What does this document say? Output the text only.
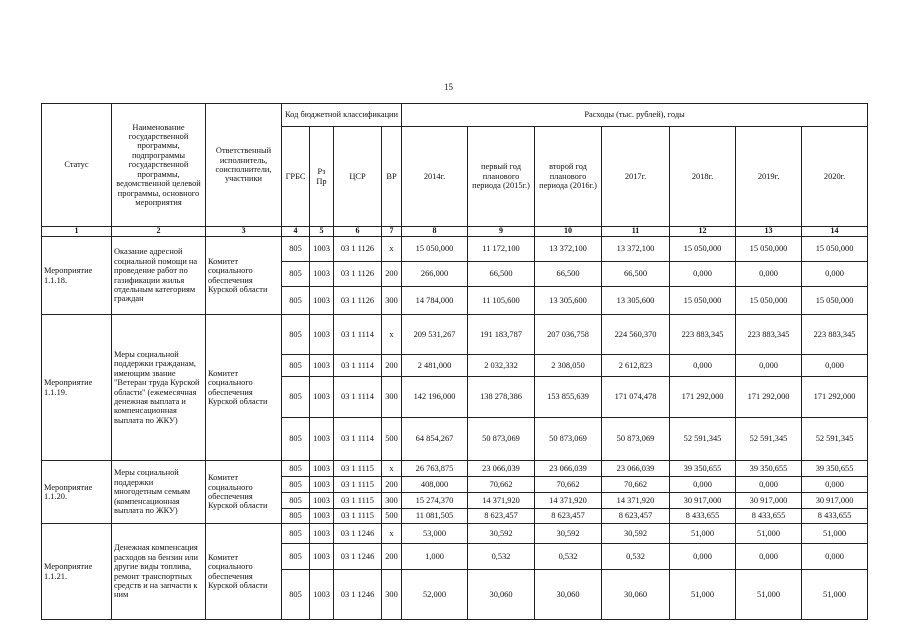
15
Статус	Наименование государственной программы, подпрограммы государственной программы, ведомственной целевой программы, основного мероприятия	Ответственный исполнитель, соисполнители, участники	Код бюджетной классификации				Расходы (тыс. рублей), годы						
			ГРБС	Рз Пр	ЦСР	ВР	2014г.	первый год планового периода (2015г.)	второй год планового периода (2016г.)	2017г.	2018г.	2019г.	2020г.
1	2	3	4	5	6	7	8	9	10	11	12	13	14
Мероприятие 1.1.18.	Оказание адресной социальной помощи на проведение работ по газификации жилья отдельным категориям граждан	Комитет социального обеспечения Курской области	805	1003	03 1 1126	x	15 050,000	11 172,100	13 372,100	13 372,100	15 050,000	15 050,000	15 050,000
			805	1003	03 1 1126	200	266,000	66,500	66,500	66,500	0,000	0,000	0,000
			805	1003	03 1 1126	300	14 784,000	11 105,600	13 305,600	13 305,600	15 050,000	15 050,000	15 050,000
Мероприятие 1.1.19.	Меры социальной поддержки гражданам, имеющим звание "Ветеран труда Курской области" (ежемесячная денежная выплата и компенсационная выплата по ЖКУ)	Комитет социального обеспечения Курской области	805	1003	03 1 1114	x	209 531,267	191 183,787	207 036,758	224 560,370	223 883,345	223 883,345	223 883,345
			805	1003	03 1 1114	200	2 481,000	2 032,332	2 308,050	2 612,823	0,000	0,000	0,000
			805	1003	03 1 1114	300	142 196,000	138 278,386	153 855,639	171 074,478	171 292,000	171 292,000	171 292,000
			805	1003	03 1 1114	500	64 854,267	50 873,069	50 873,069	50 873,069	52 591,345	52 591,345	52 591,345
Мероприятие 1.1.20.	Меры социальной поддержки многодетным семьям (компенсационная выплата по ЖКУ)	Комитет социального обеспечения Курской области	805	1003	03 1 1115	x	26 763,875	23 066,039	23 066,039	23 066,039	39 350,655	39 350,655	39 350,655
			805	1003	03 1 1115	200	408,000	70,662	70,662	70,662	0,000	0,000	0,000
			805	1003	03 1 1115	300	15 274,370	14 371,920	14 371,920	14 371,920	30 917,000	30 917,000	30 917,000
			805	1003	03 1 1115	500	11 081,505	8 623,457	8 623,457	8 623,457	8 433,655	8 433,655	8 433,655
Мероприятие 1.1.21.	Денежная компенсация расходов на бензин или другие виды топлива, ремонт транспортных средств и на запчасти к ним	Комитет социального обеспечения Курской области	805	1003	03 1 1246	x	53,000	30,592	30,592	30,592	51,000	51,000	51,000
			805	1003	03 1 1246	200	1,000	0,532	0,532	0,532	0,000	0,000	0,000
			805	1003	03 1 1246	300	52,000	30,060	30,060	30,060	51,000	51,000	51,000
